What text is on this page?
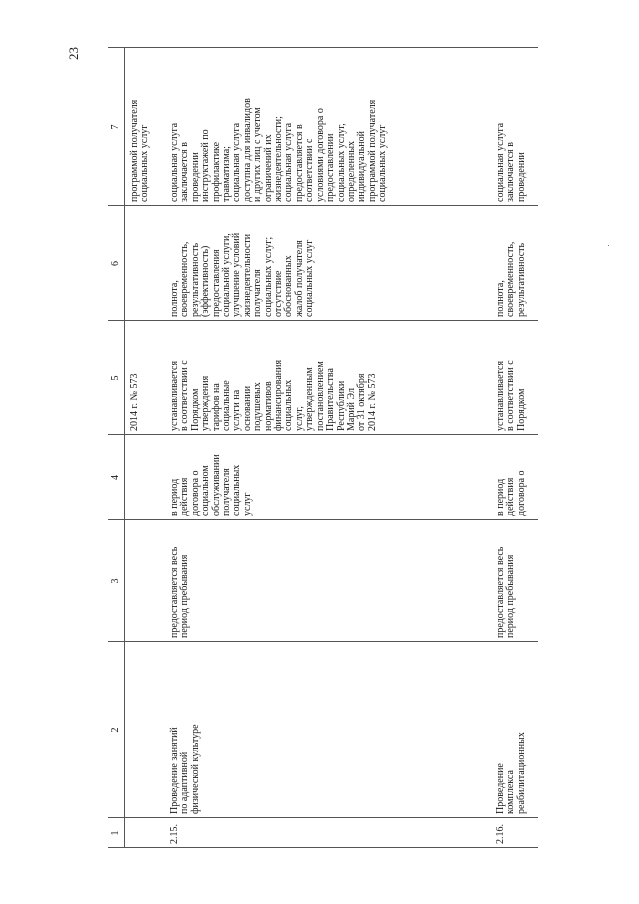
23
1
2
3
4
5
6
7
2014 г. № 573
программой получателя
социальных услуг
2.15.
Проведение занятий
по адаптивной
физической культуре
предоставляется весь
период пребывания
в период
действия
договора о
социальном
обслуживании
получателя
социальных
услуг
устанавливается
в соответствии с
Порядком
утверждения
тарифов на
социальные
услуги на
основании
подушевых
нормативов
финансирования
социальных
услуг,
утвержденным
постановлением
Правительства
Республики
Марий Эл
от 31 октября
2014 г. № 573
полнота,
своевременность,
результативность
(эффективность)
предоставления
социальной услуги,
улучшение условий
жизнедеятельности
получателя
социальных услуг;
отсутствие
обоснованных
жалоб получателя
социальных услуг
социальная услуга
заключается в
проведении
инструктажей по
профилактике
травматизма;
социальная услуга
доступна для инвалидов
и других лиц с учетом
ограничений их
жизнедеятельности;
социальная услуга
предоставляется в
соответствии с
условиями договора о
предоставлении
социальных услуг,
определенных
индивидуальной
программой получателя
социальных услуг
2.16.
Проведение
комплекса
реабилитационных
предоставляется весь
период пребывания
в период
действия
договора о
устанавливается
в соответствии с
Порядком
полнота,
своевременность,
результативность
социальная услуга
заключается в
проведении
